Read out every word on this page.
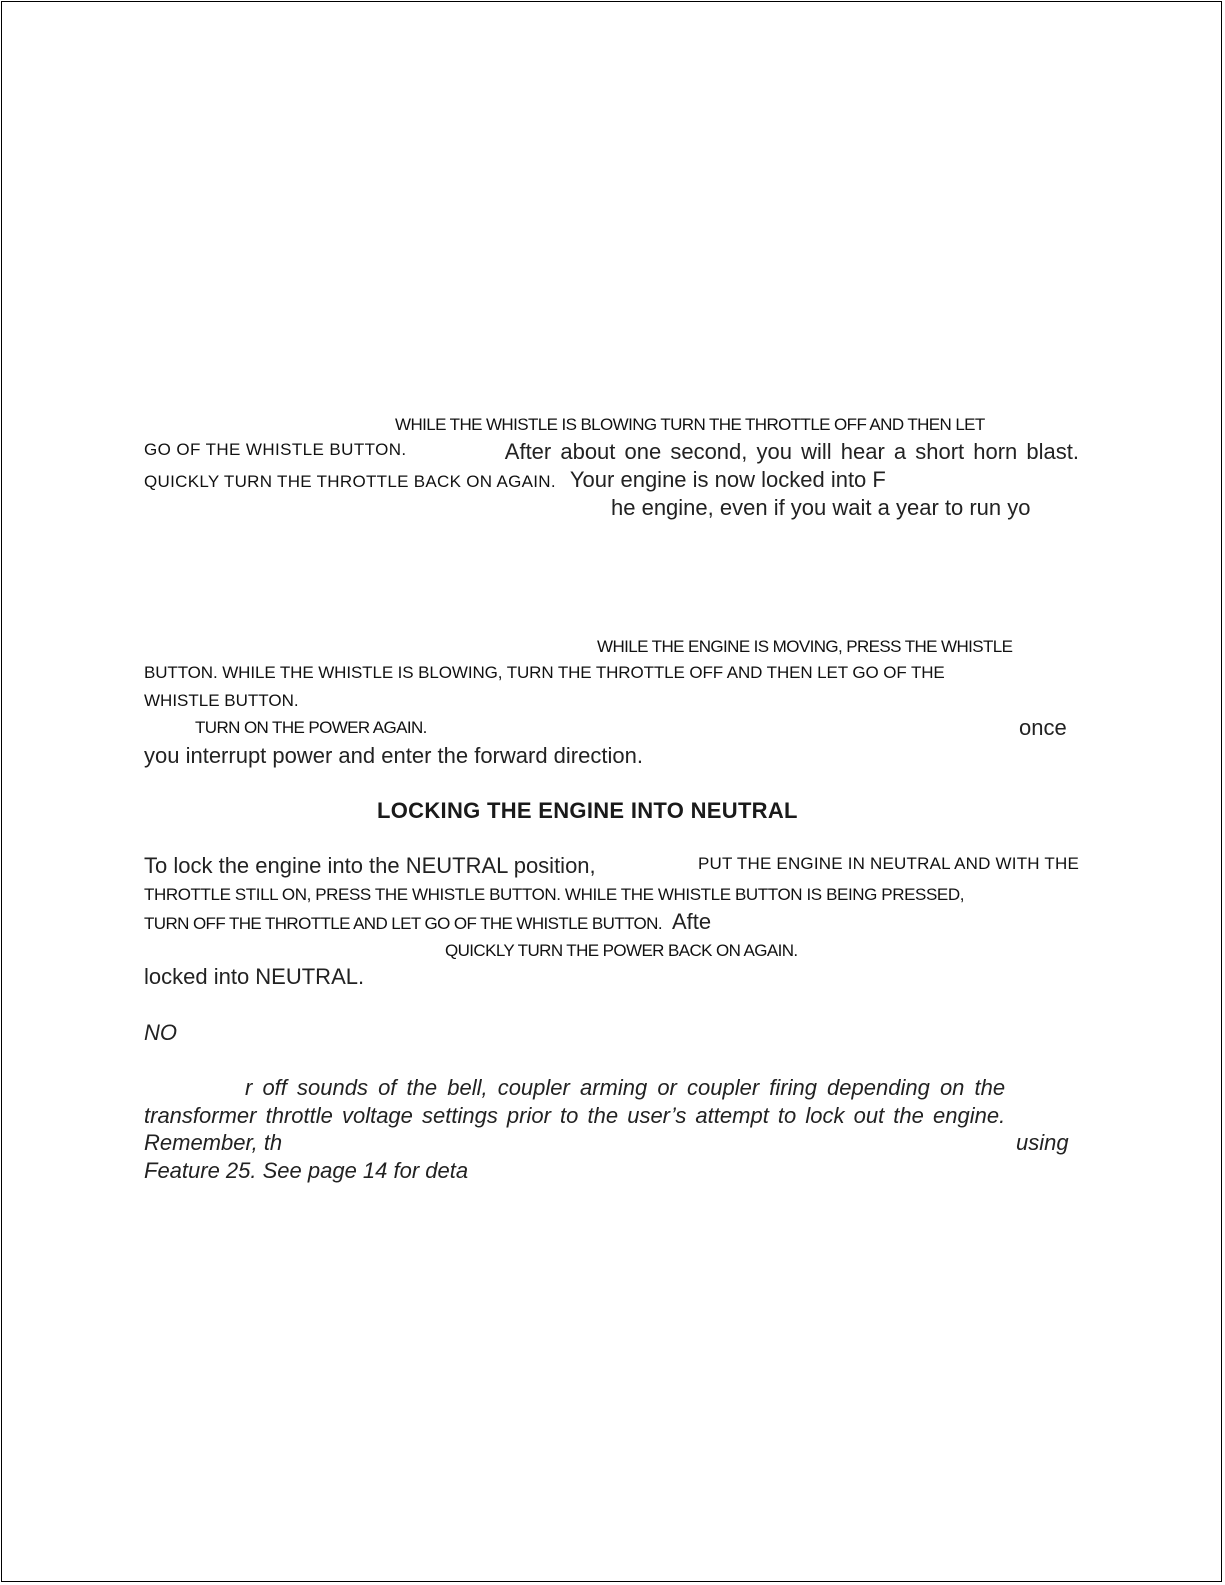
WHILE THE WHISTLE IS BLOWING TURN THE THROTTLE OFF AND THEN LET
GO OF THE WHISTLE BUTTON.	After about one second, you will hear a short horn blast.
QUICKLY TURN THE THROTTLE BACK ON AGAIN. Your engine is now locked into F
he engine, even if you wait a year to run yo
WHILE THE ENGINE IS MOVING, PRESS THE WHISTLE
BUTTON. WHILE THE WHISTLE IS BLOWING, TURN THE THROTTLE OFF AND THEN LET GO OF THE
WHISTLE BUTTON.
TURN ON THE POWER AGAIN.	once
you interrupt power and enter the forward direction.
LOCKING THE ENGINE INTO NEUTRAL
To lock the engine into the NEUTRAL position,	PUT THE ENGINE IN NEUTRAL AND WITH THE
THROTTLE STILL ON, PRESS THE WHISTLE BUTTON. WHILE THE WHISTLE BUTTON IS BEING PRESSED,
TURN OFF THE THROTTLE AND LET GO OF THE WHISTLE BUTTON. Afte
QUICKLY TURN THE POWER BACK ON AGAIN.
locked into NEUTRAL.
NO
r off sounds of the bell, coupler arming or coupler firing depending on the
transformer throttle voltage settings prior to the user’s attempt to lock out the engine.
Remember, th	using
Feature 25. See page 14 for deta
